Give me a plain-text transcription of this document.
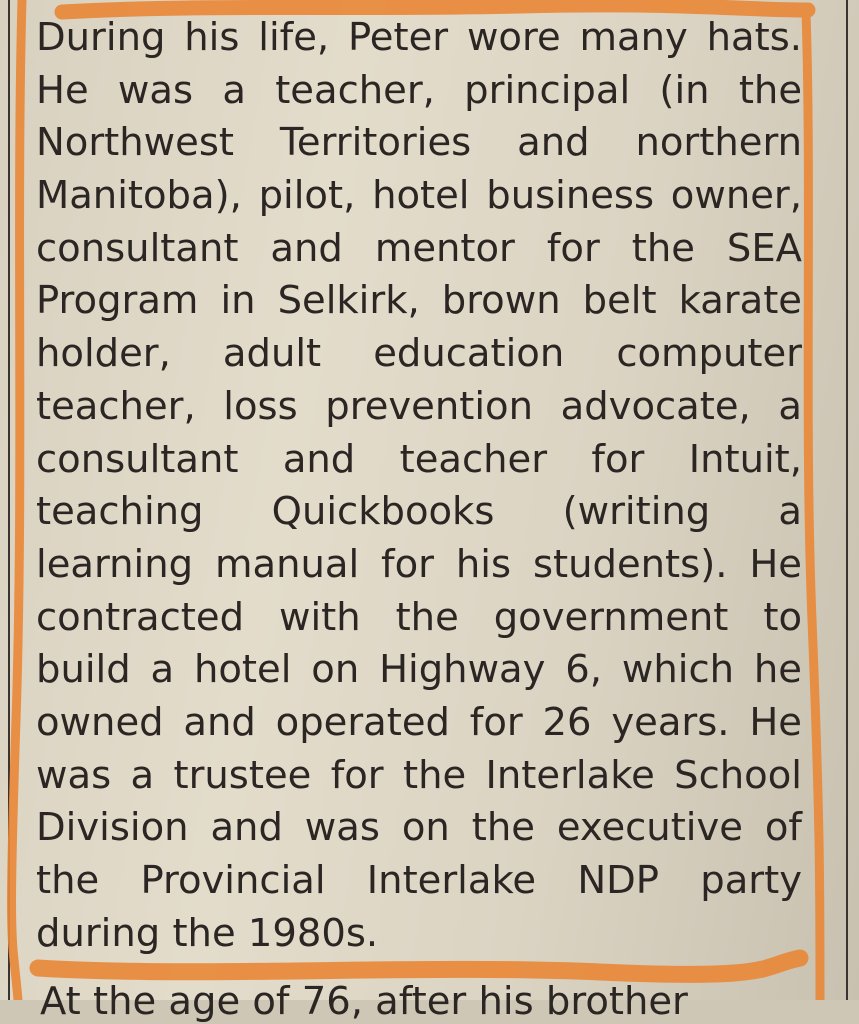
During his life, Peter wore many hats.
He was a teacher, principal (in the
Northwest Territories and northern
Manitoba), pilot, hotel business owner,
consultant and mentor for the SEA
Program in Selkirk, brown belt karate
holder, adult education computer
teacher, loss prevention advocate, a
consultant and teacher for Intuit,
teaching Quickbooks (writing a
learning manual for his students). He
contracted with the government to
build a hotel on Highway 6, which he
owned and operated for 26 years. He
was a trustee for the Interlake School
Division and was on the executive of
the Provincial Interlake NDP party
during the 1980s.
At the age of 76, after his brother
